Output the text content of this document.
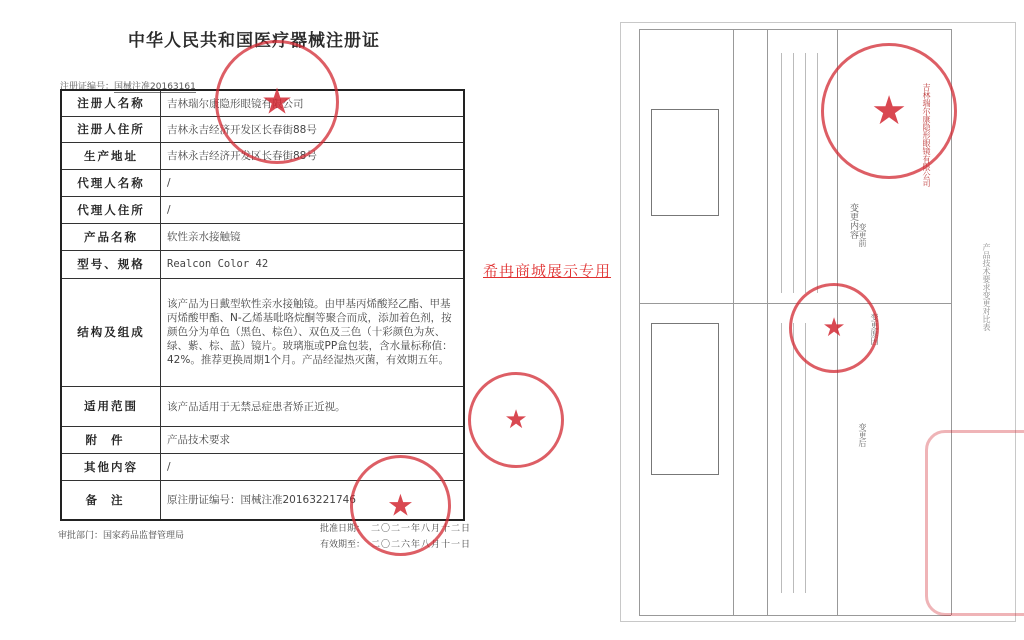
中华人民共和国医疗器械注册证
注册证编号：国械注准20163161
注册人名称	吉林瑞尔康隐形眼镜有限公司
注册人住所	吉林永吉经济开发区长春街88号
生产地址	吉林永吉经济开发区长春街88号
代理人名称	/
代理人住所	/
产品名称	软性亲水接触镜
型号、规格	Realcon Color 42
结构及组成	该产品为日戴型软性亲水接触镜。由甲基丙烯酸羟乙酯、甲基丙烯酸甲酯、N-乙烯基吡咯烷酮等聚合而成，添加着色剂，按颜色分为单色（黑色、棕色）、双色及三色（十彩颜色为灰、绿、紫、棕、蓝）镜片。玻璃瓶或PP盒包装，含水量标称值：42%。推荐更换周期1个月。产品经湿热灭菌，有效期五年。
适用范围	该产品适用于无禁忌症患者矫正近视。
附件	产品技术要求
其他内容	/
备注	原注册证编号：国械注准20163221746
审批部门：国家药品监督管理局
批准日期： 二〇二一年八月十二日
有效期至： 二〇二六年八月十一日
★
★
★
变更内容
吉林瑞尔康隐形眼镜有限公司
变更原因
变更前
变更后
产品技术要求变更对比表
★
★
希冉商城展示专用
